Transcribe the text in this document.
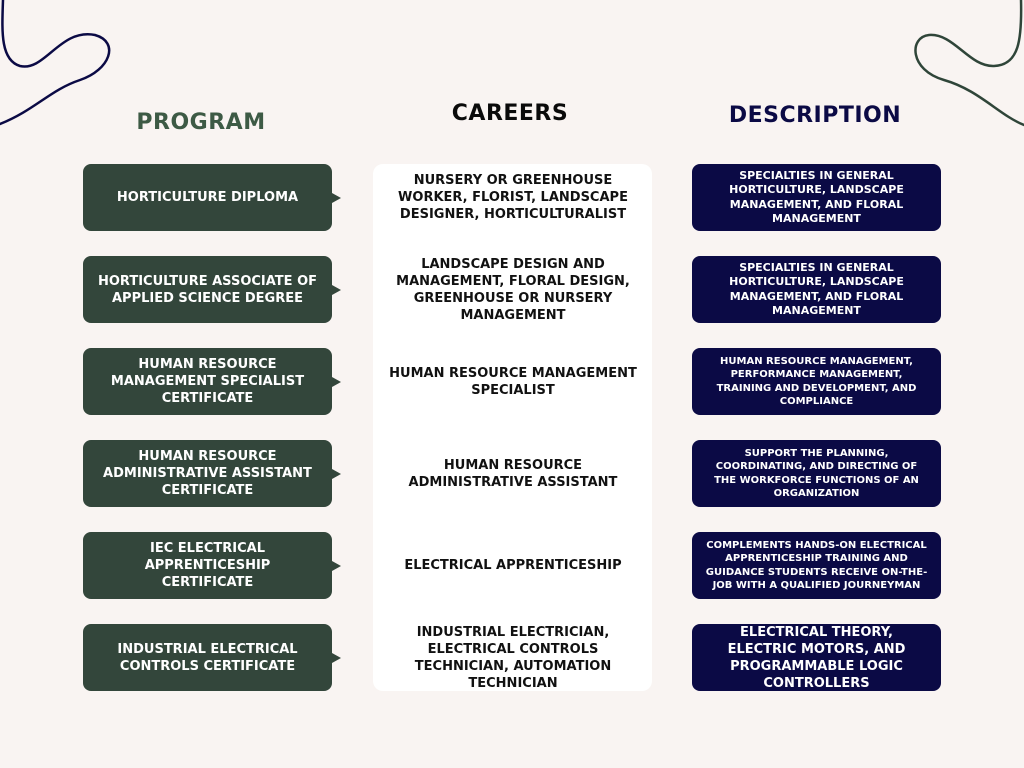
PROGRAM	CAREERS	DESCRIPTION
HORTICULTURE DIPLOMA
NURSERY OR GREENHOUSE WORKER, FLORIST, LANDSCAPE DESIGNER, HORTICULTURALIST
SPECIALTIES IN GENERAL HORTICULTURE, LANDSCAPE MANAGEMENT, AND FLORAL MANAGEMENT
HORTICULTURE ASSOCIATE OF APPLIED SCIENCE DEGREE
LANDSCAPE DESIGN AND MANAGEMENT, FLORAL DESIGN, GREENHOUSE OR NURSERY MANAGEMENT
SPECIALTIES IN GENERAL HORTICULTURE, LANDSCAPE MANAGEMENT, AND FLORAL MANAGEMENT
HUMAN RESOURCE MANAGEMENT SPECIALIST CERTIFICATE
HUMAN RESOURCE MANAGEMENT SPECIALIST
HUMAN RESOURCE MANAGEMENT, PERFORMANCE MANAGEMENT, TRAINING AND DEVELOPMENT, AND COMPLIANCE
HUMAN RESOURCE ADMINISTRATIVE ASSISTANT CERTIFICATE
HUMAN RESOURCE ADMINISTRATIVE ASSISTANT
SUPPORT THE PLANNING, COORDINATING, AND DIRECTING OF THE WORKFORCE FUNCTIONS OF AN ORGANIZATION
IEC ELECTRICAL APPRENTICESHIP CERTIFICATE
ELECTRICAL APPRENTICESHIP
COMPLEMENTS HANDS-ON ELECTRICAL APPRENTICESHIP TRAINING AND GUIDANCE STUDENTS RECEIVE ON-THE-JOB WITH A QUALIFIED JOURNEYMAN
INDUSTRIAL ELECTRICAL CONTROLS CERTIFICATE
INDUSTRIAL ELECTRICIAN, ELECTRICAL CONTROLS TECHNICIAN, AUTOMATION TECHNICIAN
ELECTRICAL THEORY, ELECTRIC MOTORS, AND PROGRAMMABLE LOGIC CONTROLLERS
